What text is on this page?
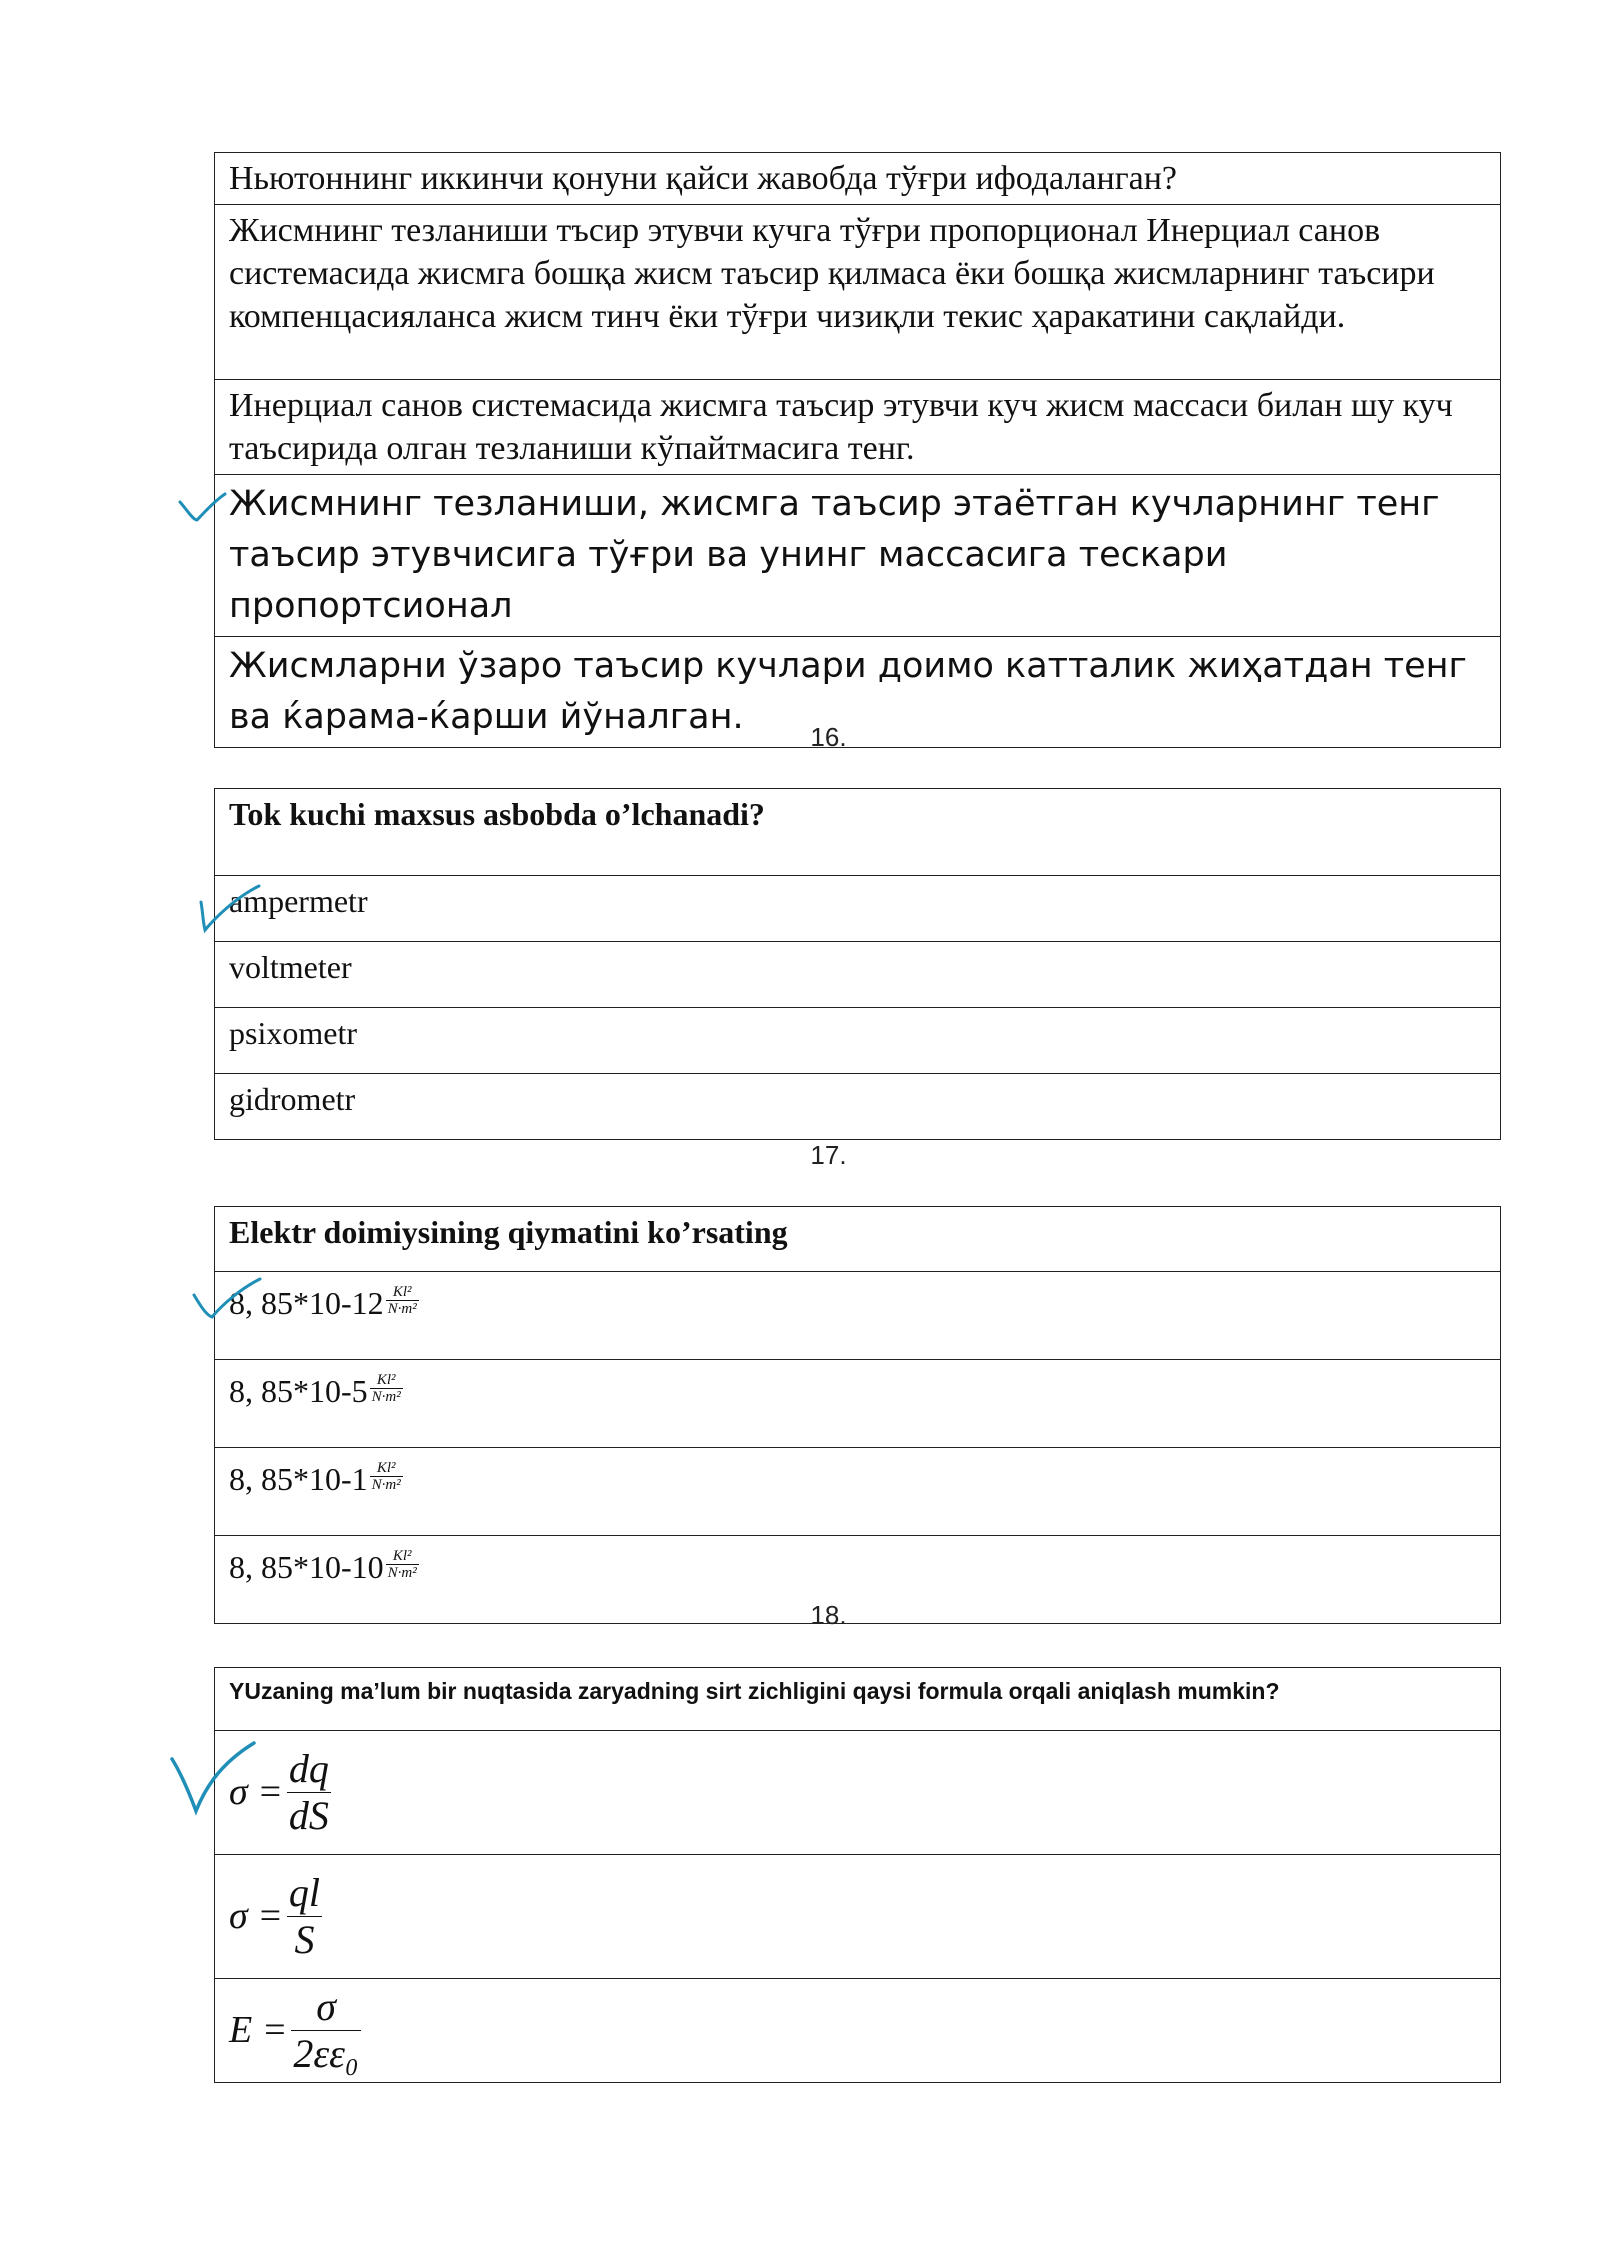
Ньютоннинг иккинчи қонуни қайси жавобда тўғри ифодаланган?
Жисмнинг тезланиши тъсир этувчи кучга тўғри пропорционал Инерциал санов системасида жисмга бошқа жисм таъсир қилмаса ёки бошқа жисмларнинг таъсири компенцасияланса жисм тинч ёки тўғри чизиқли текис ҳаракатини сақлайди.
Инерциал санов системасида жисмга таъсир этувчи куч жисм массаси билан шу куч таъсирида олган тезланиши кўпайтмасига тенг.
Жисмнинг тезланиши, жисмга таъсир этаётган кучларнинг тенг таъсир этувчисига тўғри ва унинг массасига тескари пропортсионал
Жисмларни ўзаро таъсир кучлари доимо катталик жиҳатдан тенг ва ќарама-ќарши йўналган.	16.
Tok kuchi maxsus asbobda o’lchanadi?
ampermetr
voltmeter
psixometr
gidrometr
17.
Elektr doimiysining qiymatini ko’rsating
8, $85*10-12 \frac{\text{Kl²}}{\text{N·m²}}$

8, $85*10-5 \frac{\text{Kl²}}{\text{N·m²}}$

8, $85*10-1 \frac{\text{Kl²}}{\text{N·m²}}$

8, $85*10-10 \frac{\text{Kl²}}{\text{N·m²}}$
18.
YUzaning ma’lum bir nuqtasida zaryadning sirt zichligini qaysi formula orqali aniqlash mumkin?

$\sigma = \frac{dq}{dS}$

$\sigma = \frac{ql}{S}$

$E = \frac{\sigma}{\text{2εε₀}}$
